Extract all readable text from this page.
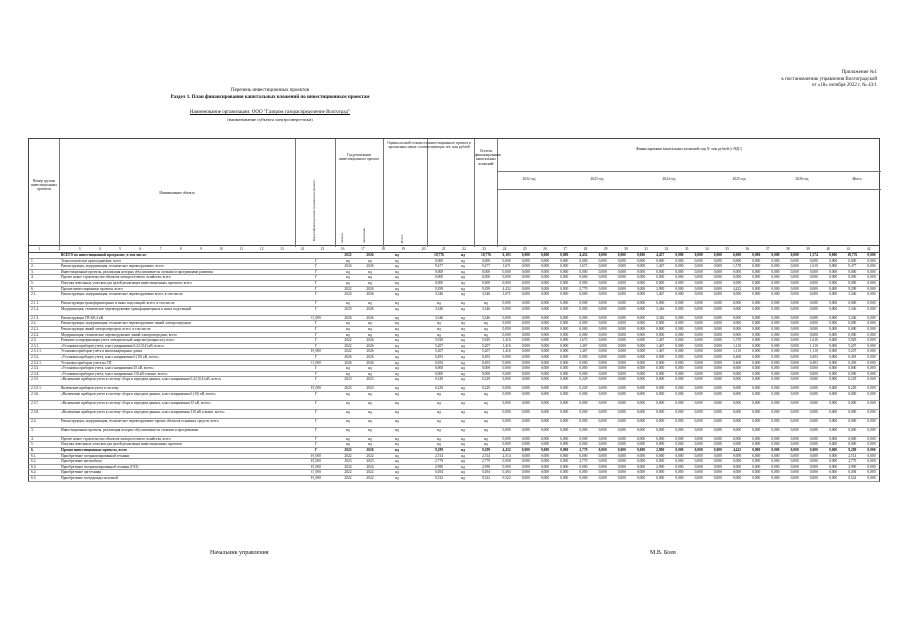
Приложение №1
к постановлению управления Волгоградской
от «18» октября 2022 г. № 43/1
Перечень инвестиционных проектов
Раздел 1. План финансирования капитальных вложений по инвестиционным проектам
Наименование организации: ООО "Газпром газораспределение Волгоград"
(наименование субъекта электроэнергетики)
Номер группы инвестиционных проектов
Наименование объекта	Идентификатор инвестиционного проекта
Год реализации инвестиционного проекта
Оценка полной стоимости инвестиционного проекта в прогнозных ценах соответствующих лет, млн рублей
Остаток финансирования капитальных вложений
Финансирование капитальных вложений года N, млн рублей (с НДС)
2022 год	2023 год	2024 год	2025 год	2026 год	Итого
начало	окончание	Всего
1	2	3	4	5	6	7	8	9	10	11	12	13	14	15	16	17	18	19	20	21	22	23	24	25	26	27	28	29	30	31	32	33	34	35	36	37	38	39	40	41	42
ВСЕГО по инвестиционной программе, в том числе:	2022	2026	нд	18,776	нд	18,776	6,103	0,000	0,000	0,000	4,452	0,000	0,000	0,000	4,457	0,000	0,000	0,000	6,000	0,000	0,000	0,000	1,574	0,000	18,776	0,000
1.	Технологическое присоединение, всего	Г	нд	нд	нд	0,000	нд	0,000	0,000	0,000	0,000	0,000	0,000	0,000	0,000	0,000	0,000	0,000	0,000	0,000	0,000	0,000	0,000	0,000	0,000	0,000	0,000	0,000
2.	Реконструкция, модернизация, техническое перевооружение, всего	Г	2024	2026	нд	9,477	нд	9,477	1,671	0,000	0,000	0,000	1,673	0,000	0,000	0,000	1,467	0,000	0,000	0,000	1,578	0,000	0,000	0,000	1,610	0,000	9,477	0,000
3.	Инвестиционные проекты, реализация которых обуславливается схемами и программами развития	Г	нд	нд	нд	0,000	нд	0,000	0,000	0,000	0,000	0,000	0,000	0,000	0,000	0,000	0,000	0,000	0,000	0,000	0,000	0,000	0,000	0,000	0,000	0,000	0,000	0,000
4.	Прочее новое строительство объектов электросетевого хозяйства, всего	Г	нд	нд	нд	0,000	нд	0,000	0,000	0,000	0,000	0,000	0,000	0,000	0,000	0,000	0,000	0,000	0,000	0,000	0,000	0,000	0,000	0,000	0,000	0,000	0,000	0,000
5.	Покупка земельных участков для целей реализации инвестиционных проектов, всего	Г	нд	нд	нд	0,000	нд	0,000	0,000	0,000	0,000	0,000	0,000	0,000	0,000	0,000	0,000	0,000	0,000	0,000	0,000	0,000	0,000	0,000	0,000	0,000	0,000	0,000
6.	Прочие инвестиционные проекты, всего	Г	2022	2026	нд	9,299	нд	9,299	4,432	0,000	0,000	0,000	2,779	0,000	0,000	0,000	2,990	0,000	0,000	0,000	4,422	0,000	0,000	0,000	0,000	0,000	9,299	0,000
2.1.	Реконструкция, модернизация, техническое перевооружение всего, в том числе:	Г	2024	2026	нд	3,346	нд	3,346	1,671	0,000	0,000	0,000	0,000	0,000	0,000	0,000	1,467	0,000	0,000	0,000	0,000	0,000	0,000	0,000	0,000	0,000	3,346	0,000
2.1.1.	Реконструкция трансформаторных и иных подстанций, всего, в том числе:	Г	нд	нд	нд	нд	нд	нд	0,000	0,000	0,000	0,000	0,000	0,000	0,000	0,000	0,000	0,000	0,000	0,000	0,000	0,000	0,000	0,000	0,000	0,000	0,000	0,000
2.1.2.	Модернизация, техническое перевооружение трансформаторных и иных подстанций	Г	2025	2026	нд	3,346	нд	3,346	0,000	0,000	0,000	0,000	0,000	0,000	0,000	0,000	3,346	0,000	0,000	0,000	0,000	0,000	0,000	0,000	0,000	0,000	3,346	0,000
2.1.3.	Реконструкция ТП-6/0,4 кВ	О_000	2026	2026	нд	3,346	нд	3,346	0,000	0,000	0,000	0,000	0,000	0,000	0,000	0,000	3,346	0,000	0,000	0,000	0,000	0,000	0,000	0,000	0,000	0,000	3,346	0,000
2.2.	Реконструкция, модернизация, техническое перевооружение линий электропередачи	Г	нд	нд	нд	нд	нд	нд	0,000	0,000	0,000	0,000	0,000	0,000	0,000	0,000	0,000	0,000	0,000	0,000	0,000	0,000	0,000	0,000	0,000	0,000	0,000	0,000
2.2.1.	Реконструкция линий электропередачи, всего, в том числе:	Г	нд	нд	нд	нд	нд	нд	0,000	0,000	0,000	0,000	0,000	0,000	0,000	0,000	0,000	0,000	0,000	0,000	0,000	0,000	0,000	0,000	0,000	0,000	0,000	0,000
2.2.2.	Модернизация, техническое перевооружение линий электропередачи, всего	Г	нд	нд	нд	нд	нд	нд	0,000	0,000	0,000	0,000	0,000	0,000	0,000	0,000	0,000	0,000	0,000	0,000	0,000	0,000	0,000	0,000	0,000	0,000	0,000	0,000
2.3.	Развитие и модернизация учета электрической энергии (мощности), всего	Г	2022	2026	нд	5,929	нд	5,929	1,416	0,000	0,000	0,000	1,673	0,000	0,000	0,000	1,467	0,000	0,000	0,000	1,578	0,000	0,000	0,000	1,610	0,000	5,929	0,000
2.3.1.	«Установка приборов учета, класс напряжения 0,22 (0,4) кВ, всего»	Г	2022	2026	нд	5,207	нд	5,207	1,416	0,000	0,000	0,000	1,467	0,000	0,000	0,000	1,467	0,000	0,000	0,000	1,110	0,000	0,000	0,000	1,110	0,000	5,207	0,000
2.3.1.1.	Установка приборов учета в многоквартирных домах	Н_000	2022	2026	нд	5,207	нд	5,207	1,416	0,000	0,000	0,000	1,467	0,000	0,000	0,000	1,467	0,000	0,000	0,000	1,110	0,000	0,000	0,000	1,110	0,000	5,207	0,000
2.3.2.	«Установка приборов учета, класс напряжения 6 (10) кВ, всего»	Г	2026	2026	нд	0,493	нд	0,493	0,000	0,000	0,000	0,000	0,000	0,000	0,000	0,000	0,000	0,000	0,000	0,000	0,468	0,000	0,000	0,000	0,493	0,000	0,493	0,000
2.3.2.1.	Установка приборов учета на ТП	О_000	2026	2026	нд	0,493	нд	0,493	0,000	0,000	0,000	0,000	0,000	0,000	0,000	0,000	0,000	0,000	0,000	0,000	0,468	0,000	0,000	0,000	0,493	0,000	0,493	0,000
2.3.3.	«Установка приборов учета, класс напряжения 35 кВ, всего»	Г	нд	нд	нд	0,000	нд	0,000	0,000	0,000	0,000	0,000	0,000	0,000	0,000	0,000	0,000	0,000	0,000	0,000	0,000	0,000	0,000	0,000	0,000	0,000	0,000	0,000
2.3.4.	«Установка приборов учета, класс напряжения 110 кВ и выше, всего»	Г	нд	нд	нд	0,000	нд	0,000	0,000	0,000	0,000	0,000	0,000	0,000	0,000	0,000	0,000	0,000	0,000	0,000	0,000	0,000	0,000	0,000	0,000	0,000	0,000	0,000
2.3.5.	«Включение приборов учета в систему сбора и передачи данных, класс напряжения 0,22 (0,4) кВ, всего»	Г	2023	2023	нд	0,229	нд	0,229	0,000	0,000	0,000	0,000	0,229	0,000	0,000	0,000	0,000	0,000	0,000	0,000	0,000	0,000	0,000	0,000	0,000	0,000	0,229	0,000
2.3.5.1.	Включение приборов учета в систему	Н_000	2023	2023	нд	0,229	нд	0,229	0,000	0,000	0,000	0,000	0,229	0,000	0,000	0,000	0,000	0,000	0,000	0,000	0,000	0,000	0,000	0,000	0,000	0,000	0,229	0,000
2.3.6.	«Включение приборов учета в систему сбора и передачи данных, класс напряжения 6 (10) кВ, всего»	Г	нд	нд	нд	нд	нд	нд	0,000	0,000	0,000	0,000	0,000	0,000	0,000	0,000	0,000	0,000	0,000	0,000	0,000	0,000	0,000	0,000	0,000	0,000	0,000	0,000
2.3.7.	«Включение приборов учета в систему сбора и передачи данных, класс напряжения 35 кВ, всего»	Г	нд	нд	нд	нд	нд	нд	0,000	0,000	0,000	0,000	0,000	0,000	0,000	0,000	0,000	0,000	0,000	0,000	0,000	0,000	0,000	0,000	0,000	0,000	0,000	0,000
2.3.8.	«Включение приборов учета в систему сбора и передачи данных, класс напряжения 110 кВ и выше, всего»	Г	нд	нд	нд	нд	нд	нд	0,000	0,000	0,000	0,000	0,000	0,000	0,000	0,000	0,000	0,000	0,000	0,000	0,000	0,000	0,000	0,000	0,000	0,000	0,000	0,000
2.4.	Реконструкция, модернизация, техническое перевооружение прочих объектов основных средств, всего	Г	нд	нд	нд	нд	нд	нд	0,000	0,000	0,000	0,000	0,000	0,000	0,000	0,000	0,000	0,000	0,000	0,000	0,000	0,000	0,000	0,000	0,000	0,000	0,000	0,000
3.	Инвестиционные проекты, реализация которых обуславливается схемами и программами	Г	нд	нд	нд	нд	нд	нд	0,000	0,000	0,000	0,000	0,000	0,000	0,000	0,000	0,000	0,000	0,000	0,000	0,000	0,000	0,000	0,000	0,000	0,000	0,000	0,000
4.	Прочее новое строительство объектов электросетевого хозяйства, всего	Г	нд	нд	нд	нд	нд	нд	0,000	0,000	0,000	0,000	0,000	0,000	0,000	0,000	0,000	0,000	0,000	0,000	0,000	0,000	0,000	0,000	0,000	0,000	0,000	0,000
5.	Покупка земельных участков для целей реализации инвестиционных проектов	Г	нд	нд	нд	нд	нд	нд	0,000	0,000	0,000	0,000	0,000	0,000	0,000	0,000	0,000	0,000	0,000	0,000	0,000	0,000	0,000	0,000	0,000	0,000	0,000	0,000
6.	Прочие инвестиционные проекты, всего	Г	2022	2026	нд	9,299	нд	9,299	4,432	0,000	0,000	0,000	2,779	0,000	0,000	0,000	2,990	0,000	0,000	0,000	4,422	0,000	0,000	0,000	0,000	0,000	9,299	0,000
6.1.	Приобретение специализированной техники	Н_000	2022	2022	нд	2,514	нд	2,514	2,514	0,000	0,000	0,000	0,000	0,000	0,000	0,000	0,000	0,000	0,000	0,000	0,000	0,000	0,000	0,000	0,000	0,000	2,514	0,000
6.2.	Приобретение автомобиля	Н_000	2023	2023	нд	2,779	нд	2,779	0,000	0,000	0,000	0,000	2,779	0,000	0,000	0,000	0,000	0,000	0,000	0,000	0,000	0,000	0,000	0,000	0,000	0,000	2,779	0,000
6.3.	Приобретение специализированной техники (ГАЗ)	Н_000	2024	2024	нд	2,990	нд	2,990	0,000	0,000	0,000	0,000	0,000	0,000	0,000	0,000	2,990	0,000	0,000	0,000	0,000	0,000	0,000	0,000	0,000	0,000	2,990	0,000
6.4.	Приобретение оргтехники	О_000	2022	2022	нд	0,494	нд	0,494	0,494	0,000	0,000	0,000	0,000	0,000	0,000	0,000	0,000	0,000	0,000	0,000	0,000	0,000	0,000	0,000	0,000	0,000	0,494	0,000
6.5.	Приобретение спецодежды полезной	Н_000	2022	2022	нд	0,522	нд	0,522	0,522	0,000	0,000	0,000	0,000	0,000	0,000	0,000	0,000	0,000	0,000	0,000	0,000	0,000	0,000	0,000	0,000	0,000	0,522	0,000
Начальник управления	М.В. Боев
